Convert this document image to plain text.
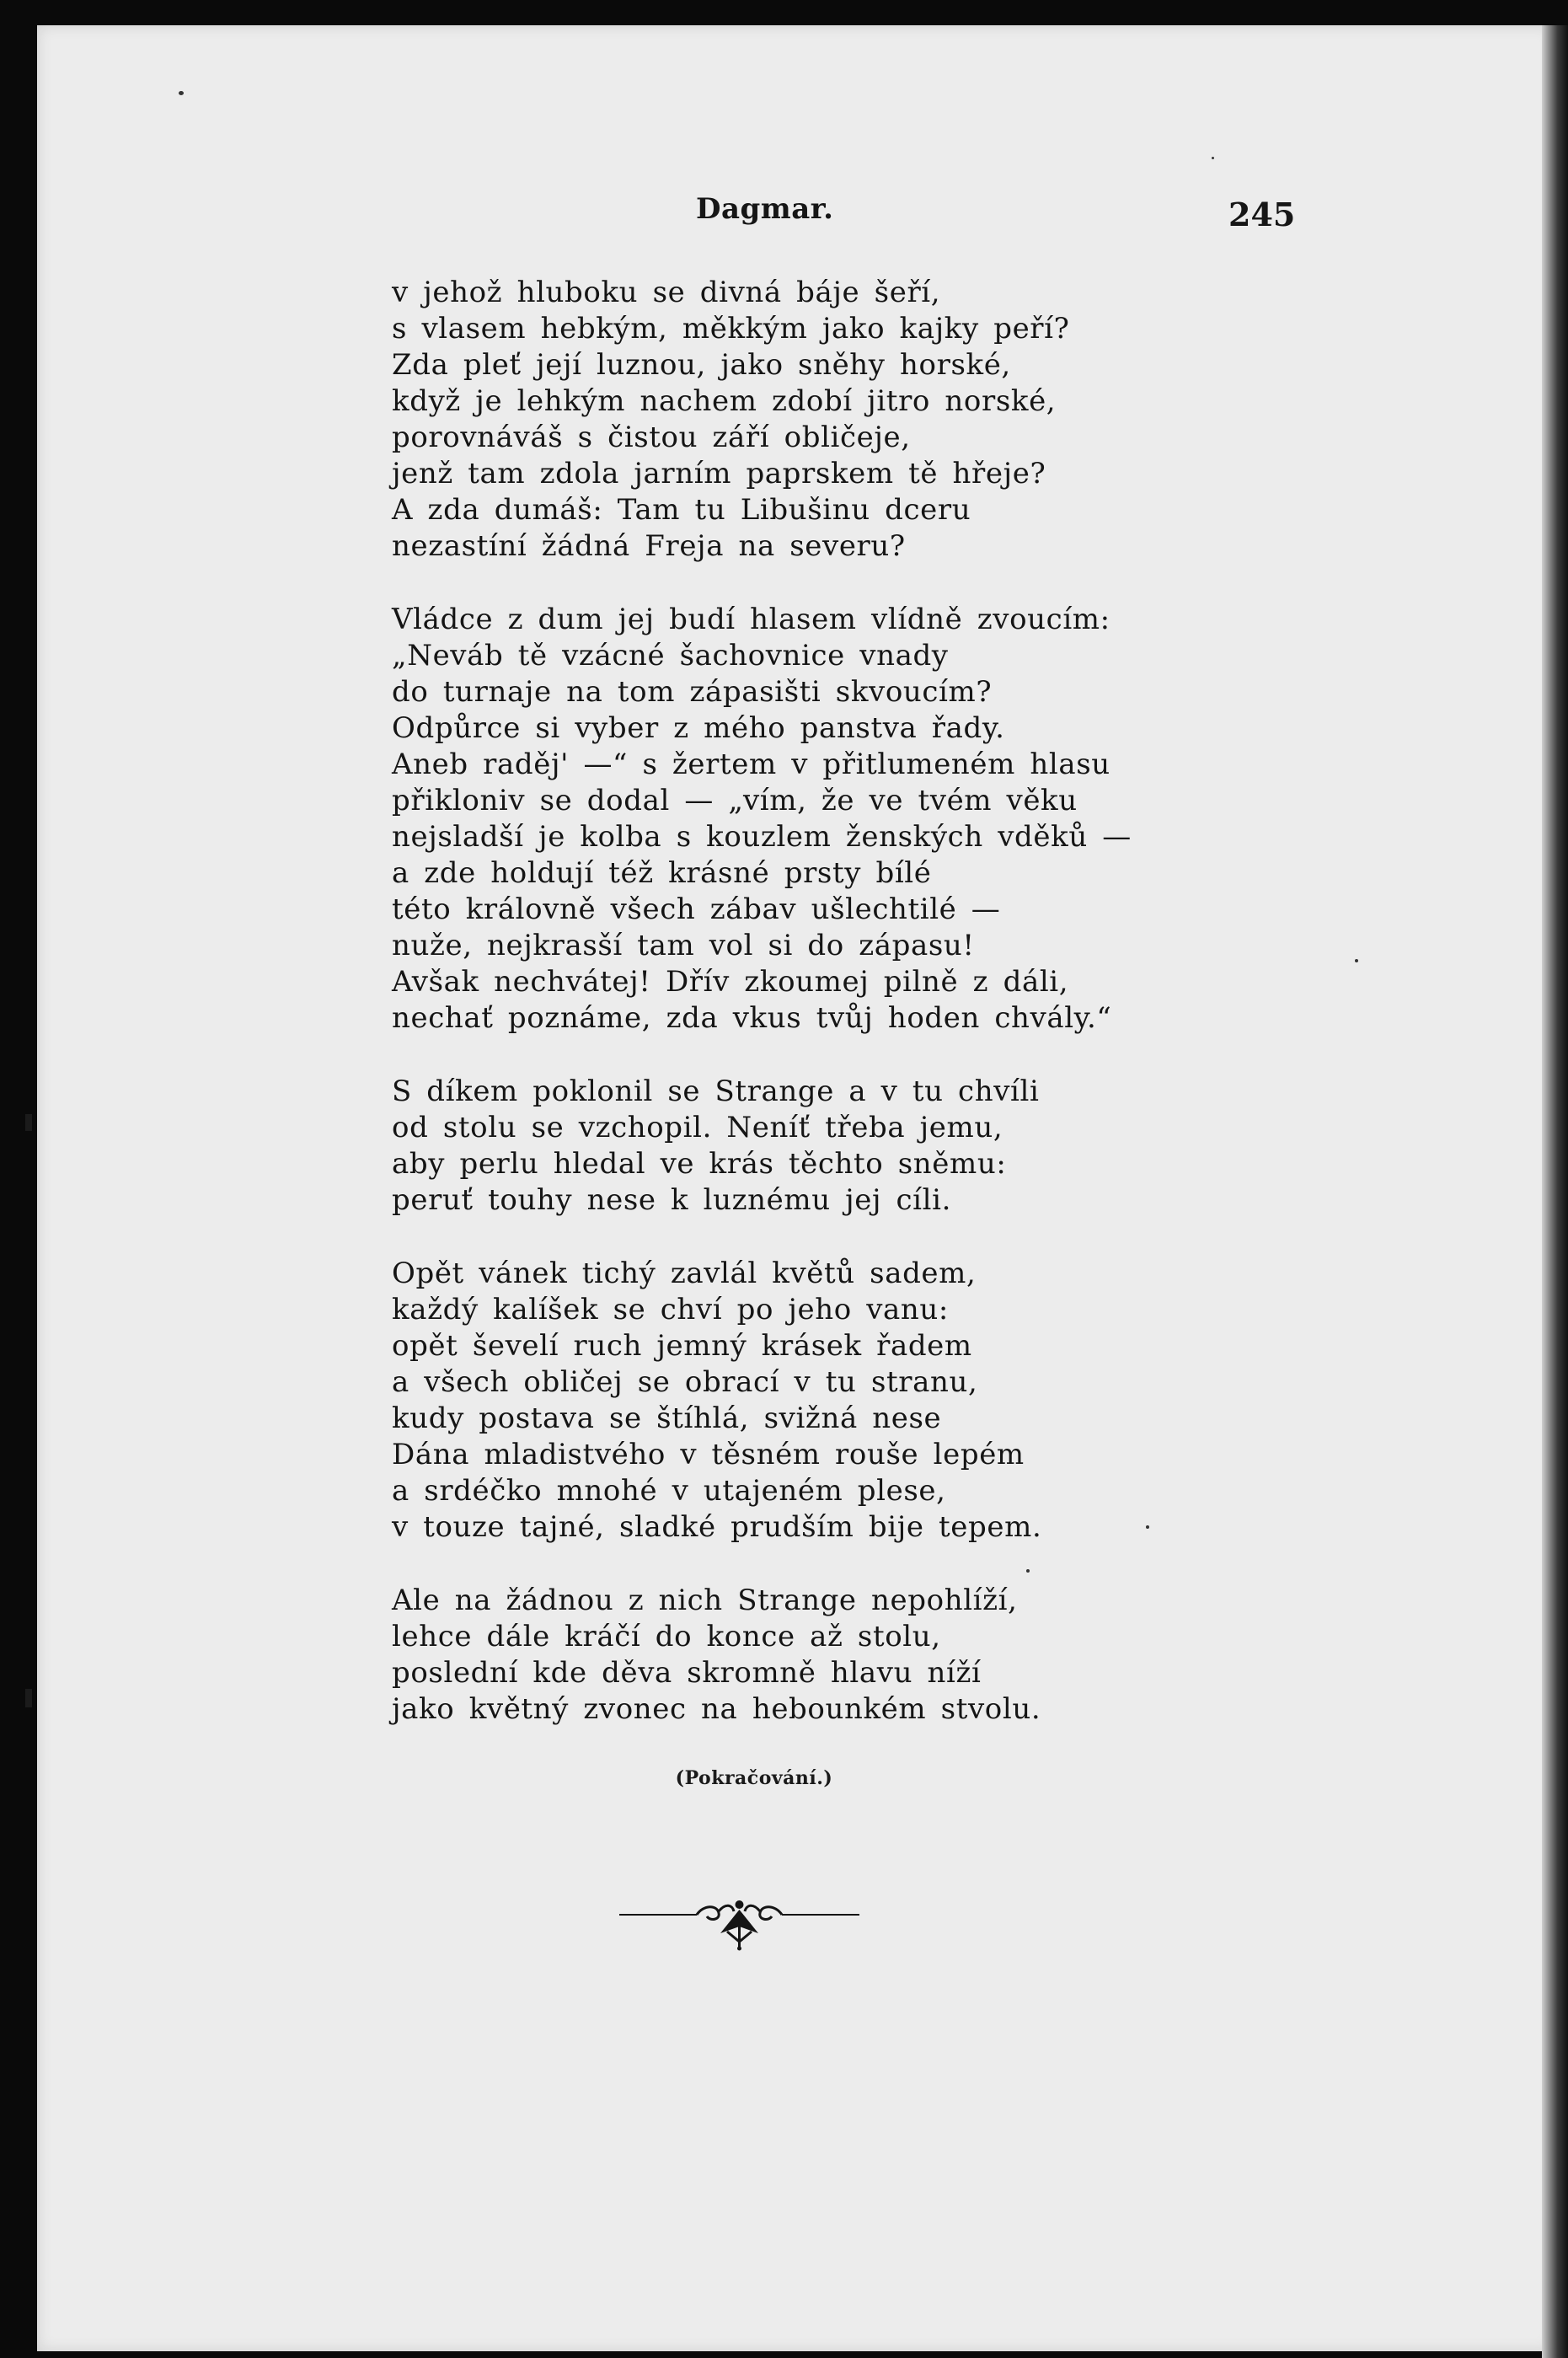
Dagmar.	245
v jehož hluboku se divná báje šeří,
s vlasem hebkým, měkkým jako kajky peří?
Zda pleť její luznou, jako sněhy horské,
když je lehkým nachem zdobí jitro norské,
porovnáváš s čistou září obličeje,
jenž tam zdola jarním paprskem tě hřeje?
A zda dumáš: Tam tu Libušinu dceru
nezastíní žádná Freja na severu?
Vládce z dum jej budí hlasem vlídně zvoucím:
„Neváb tě vzácné šachovnice vnady
do turnaje na tom zápasišti skvoucím?
Odpůrce si vyber z mého panstva řady.
Aneb raděj' —“ s žertem v přitlumeném hlasu
přikloniv se dodal — „vím, že ve tvém věku
nejsladší je kolba s kouzlem ženských vděků —
a zde holdují též krásné prsty bílé
této královně všech zábav ušlechtilé —
nuže, nejkrasší tam vol si do zápasu!
Avšak nechvátej! Dřív zkoumej pilně z dáli,
nechať poznáme, zda vkus tvůj hoden chvály.“
S díkem poklonil se Strange a v tu chvíli
od stolu se vzchopil. Neníť třeba jemu,
aby perlu hledal ve krás těchto sněmu:
peruť touhy nese k luznému jej cíli.
Opět vánek tichý zavlál květů sadem,
každý kalíšek se chví po jeho vanu:
opět ševelí ruch jemný krásek řadem
a všech obličej se obrací v tu stranu,
kudy postava se štíhlá, svižná nese
Dána mladistvého v těsném rouše lepém
a srdéčko mnohé v utajeném plese,
v touze tajné, sladké prudším bije tepem.
Ale na žádnou z nich Strange nepohlíží,
lehce dále kráčí do konce až stolu,
poslední kde děva skromně hlavu níží
jako květný zvonec na hebounkém stvolu.
(Pokračování.)
